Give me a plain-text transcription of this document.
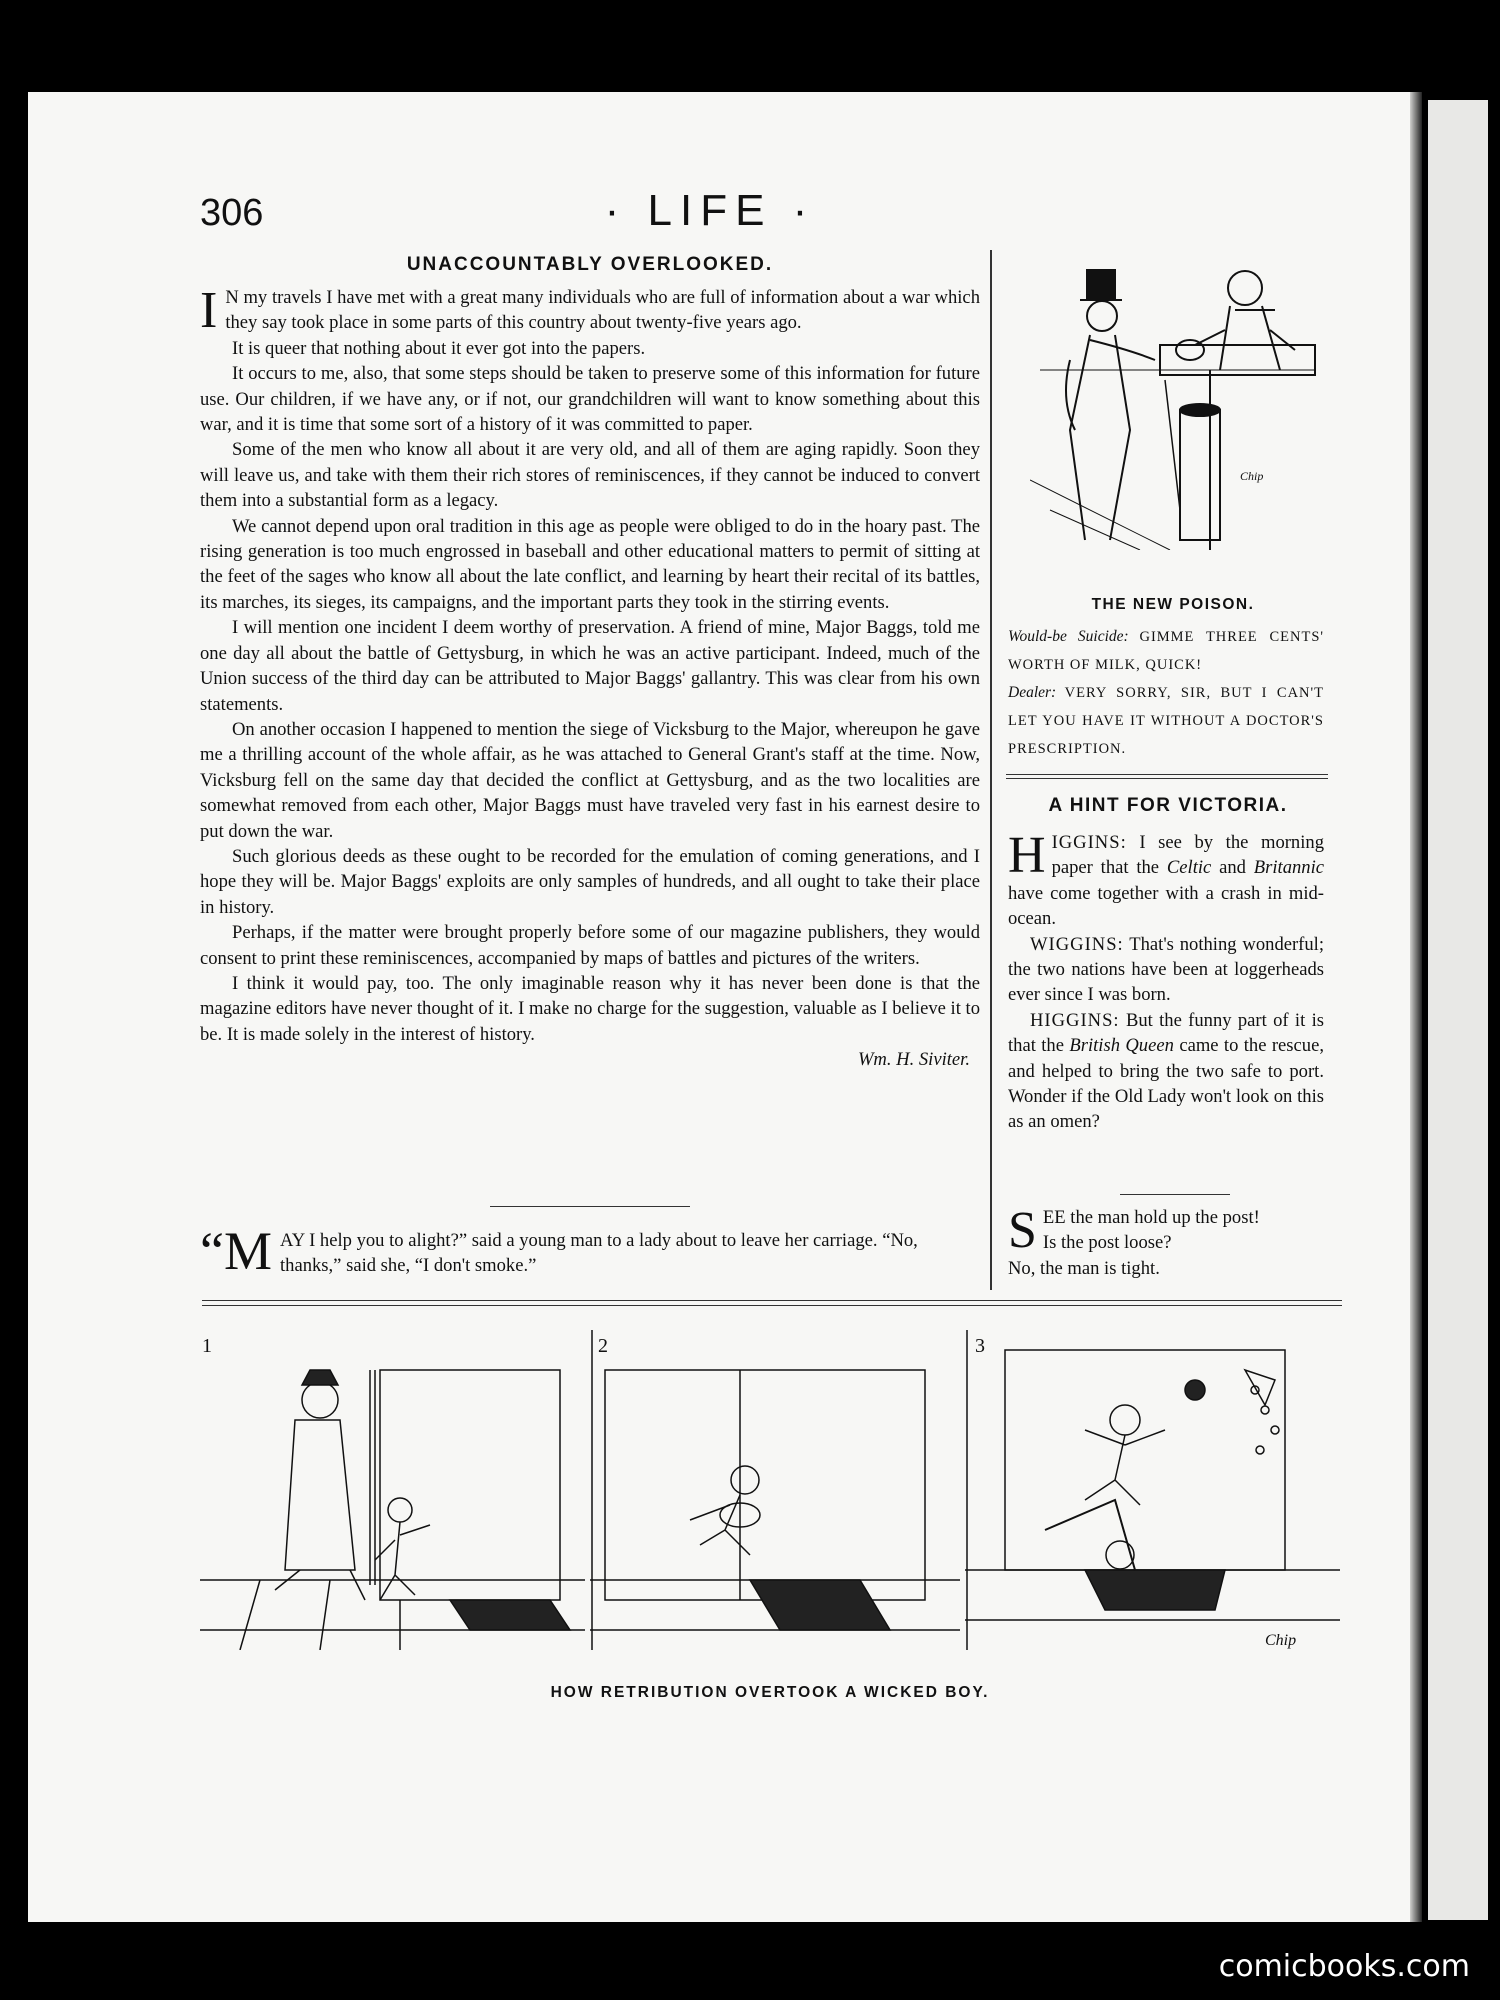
306	· LIFE ·
UNACCOUNTABLY OVERLOOKED.

I N my travels I have met with a great many individuals who are full of information about a war which they say took place in some parts of this country about twenty-five years ago.

It is queer that nothing about it ever got into the papers.

It occurs to me, also, that some steps should be taken to preserve some of this information for future use. Our children, if we have any, or if not, our grandchildren will want to know something about this war, and it is time that some sort of a history of it was committed to paper.

Some of the men who know all about it are very old, and all of them are aging rapidly. Soon they will leave us, and take with them their rich stores of reminiscences, if they cannot be induced to convert them into a substantial form as a legacy.

We cannot depend upon oral tradition in this age as people were obliged to do in the hoary past. The rising generation is too much engrossed in baseball and other educational matters to permit of sitting at the feet of the sages who know all about the late conflict, and learning by heart their recital of its battles, its marches, its sieges, its campaigns, and the important parts they took in the stirring events.

I will mention one incident I deem worthy of preservation. A friend of mine, Major Baggs, told me one day all about the battle of Gettysburg, in which he was an active participant. Indeed, much of the Union success of the third day can be attributed to Major Baggs' gallantry. This was clear from his own statements.

On another occasion I happened to mention the siege of Vicksburg to the Major, whereupon he gave me a thrilling account of the whole affair, as he was attached to General Grant's staff at the time. Now, Vicksburg fell on the same day that decided the conflict at Gettysburg, and as the two localities are somewhat removed from each other, Major Baggs must have traveled very fast in his earnest desire to put down the war.

Such glorious deeds as these ought to be recorded for the emulation of coming generations, and I hope they will be. Major Baggs' exploits are only samples of hundreds, and all ought to take their place in history.

Perhaps, if the matter were brought properly before some of our magazine publishers, they would consent to print these reminiscences, accompanied by maps of battles and pictures of the writers.

I think it would pay, too. The only imaginable reason why it has never been done is that the magazine editors have never thought of it. I make no charge for the suggestion, valuable as I believe it to be. It is made solely in the interest of history.

Wm. H. Siviter.
“MAY I help you to alight?” said a young man to a lady about to leave her carriage. “No, thanks,” said she, “I don't smoke.”
Chip
THE NEW POISON.
Would-be Suicide: GIMME THREE CENTS' WORTH OF MILK, QUICK!
Dealer: VERY SORRY, SIR, BUT I CAN'T LET YOU HAVE IT WITHOUT A DOCTOR'S PRESCRIPTION.
A HINT FOR VICTORIA.

HIGGINS: I see by the morning paper that the Celtic and Britannic have come together with a crash in mid-ocean.

WIGGINS: That's nothing wonderful; the two nations have been at loggerheads ever since I was born.

HIGGINS: But the funny part of it is that the British Queen came to the rescue, and helped to bring the two safe to port. Wonder if the Old Lady won't look on this as an omen?

S EE the man hold up the post!
Is the post loose?
No, the man is tight.
1	2	3
Chip
HOW RETRIBUTION OVERTOOK A WICKED BOY.
comicbooks.com
